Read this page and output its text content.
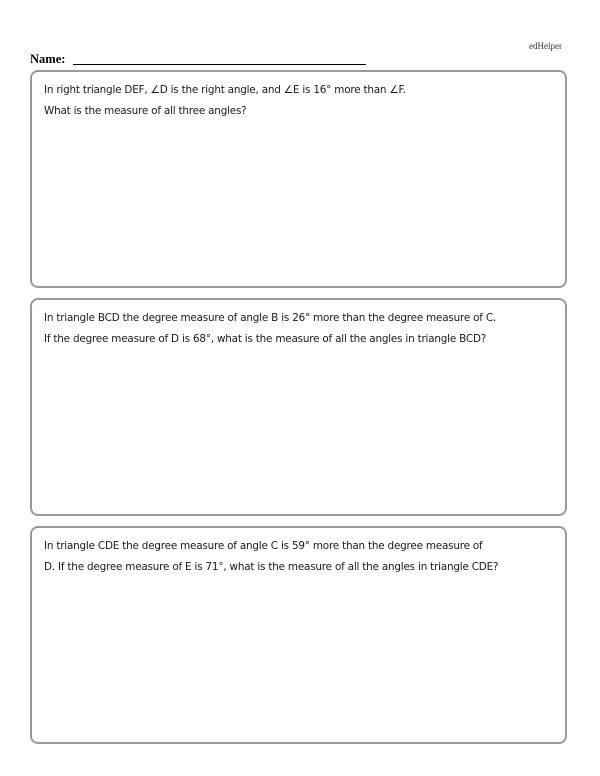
edHelper
Name:

In right triangle DEF, ∠D is the right angle, and ∠E is 16° more than ∠F.
What is the measure of all three angles?

In triangle BCD the degree measure of angle B is 26° more than the degree measure of C.
If the degree measure of D is 68°, what is the measure of all the angles in triangle BCD?

In triangle CDE the degree measure of angle C is 59° more than the degree measure of
D. If the degree measure of E is 71°, what is the measure of all the angles in triangle CDE?
